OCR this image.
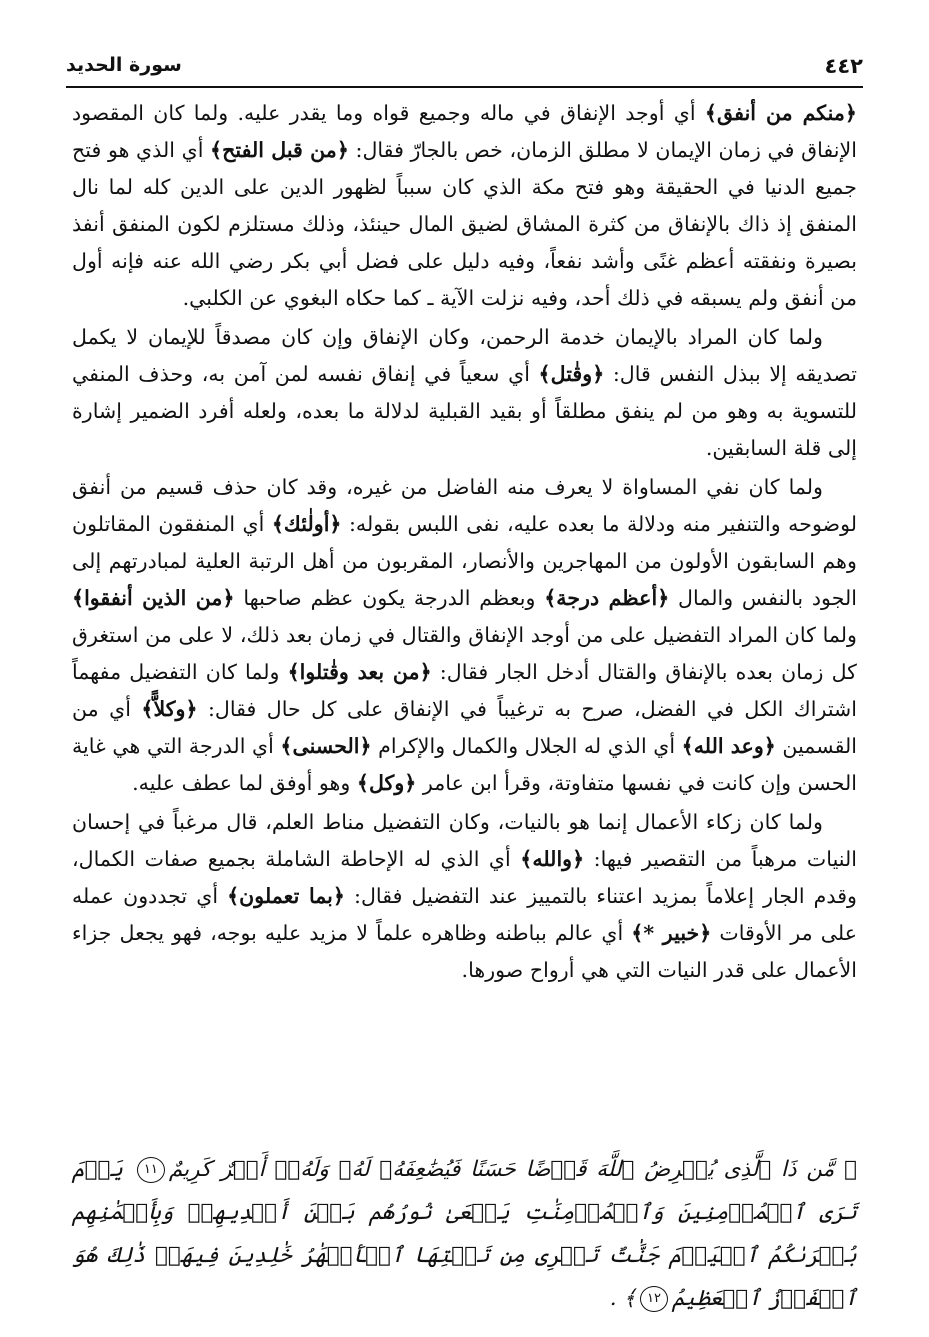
٤٤٢
سورة الحديد

﴿منكم من أنفق﴾ أي أوجد الإنفاق في ماله وجميع قواه وما يقدر عليه. ولما كان المقصود الإنفاق في زمان الإيمان لا مطلق الزمان، خص بالجارّ فقال: ﴿من قبل الفتح﴾ أي الذي هو فتح جميع الدنيا في الحقيقة وهو فتح مكة الذي كان سبباً لظهور الدين على الدين كله لما نال المنفق إذ ذاك بالإنفاق من كثرة المشاق لضيق المال حينئذ، وذلك مستلزم لكون المنفق أنفذ بصيرة ونفقته أعظم غنًى وأشد نفعاً، وفيه دليل على فضل أبي بكر رضي الله عنه فإنه أول من أنفق ولم يسبقه في ذلك أحد، وفيه نزلت الآية ـ كما حكاه البغوي عن الكلبي.

ولما كان المراد بالإيمان خدمة الرحمن، وكان الإنفاق وإن كان مصدقاً للإيمان لا يكمل تصديقه إلا ببذل النفس قال: ﴿وقٰتل﴾ أي سعياً في إنفاق نفسه لمن آمن به، وحذف المنفي للتسوية به وهو من لم ينفق مطلقاً أو بقيد القبلية لدلالة ما بعده، ولعله أفرد الضمير إشارة إلى قلة السابقين.

ولما كان نفي المساواة لا يعرف منه الفاضل من غيره، وقد كان حذف قسيم من أنفق لوضوحه والتنفير منه ودلالة ما بعده عليه، نفى اللبس بقوله: ﴿أولٰئك﴾ أي المنفقون المقاتلون وهم السابقون الأولون من المهاجرين والأنصار، المقربون من أهل الرتبة العلية لمبادرتهم إلى الجود بالنفس والمال ﴿أعظم درجة﴾ وبعظم الدرجة يكون عظم صاحبها ﴿من الذين أنفقوا﴾ ولما كان المراد التفضيل على من أوجد الإنفاق والقتال في زمان بعد ذلك، لا على من استغرق كل زمان بعده بالإنفاق والقتال أدخل الجار فقال: ﴿من بعد وقٰتلوا﴾ ولما كان التفضيل مفهماً اشتراك الكل في الفضل، صرح به ترغيباً في الإنفاق على كل حال فقال: ﴿وكلاًّ﴾ أي من القسمين ﴿وعد الله﴾ أي الذي له الجلال والكمال والإكرام ﴿الحسنى﴾ أي الدرجة التي هي غاية الحسن وإن كانت في نفسها متفاوتة، وقرأ ابن عامر ﴿وكل﴾ وهو أوفق لما عطف عليه.

ولما كان زكاء الأعمال إنما هو بالنيات، وكان التفضيل مناط العلم، قال مرغباً في إحسان النيات مرهباً من التقصير فيها: ﴿والله﴾ أي الذي له الإحاطة الشاملة بجميع صفات الكمال، وقدم الجار إعلاماً بمزيد اعتناء بالتمييز عند التفضيل فقال: ﴿بما تعملون﴾ أي تجددون عمله على مر الأوقات ﴿خبير *﴾ أي عالم بباطنه وظاهره علماً لا مزيد عليه بوجه، فهو يجعل جزاء الأعمال على قدر النيات التي هي أرواح صورها.

﴿ مَّن ذَا ٱلَّذِى يُقۡرِضُ ٱللَّهَ قَرۡضًا حَسَنًا فَيُضَٰعِفَهُۥ لَهُۥ وَلَهُۥٓ أَجۡرٌ كَرِيمٌ١١ يَوۡمَ تَرَى ٱلۡمُؤۡمِنِينَ وَٱلۡمُؤۡمِنَٰتِ يَسۡعَىٰ نُورُهُم بَيۡنَ أَيۡدِيهِمۡ وَبِأَيۡمَٰنِهِم بُشۡرَىٰكُمُ ٱلۡيَوۡمَ جَنَّٰتٌ تَجۡرِى مِن تَحۡتِهَا ٱلۡأَنۡهَٰرُ خَٰلِدِينَ فِيهَاۚ ذَٰلِكَ هُوَ ٱلۡفَوۡزُ ٱلۡعَظِيمُ١٢﴾ .
